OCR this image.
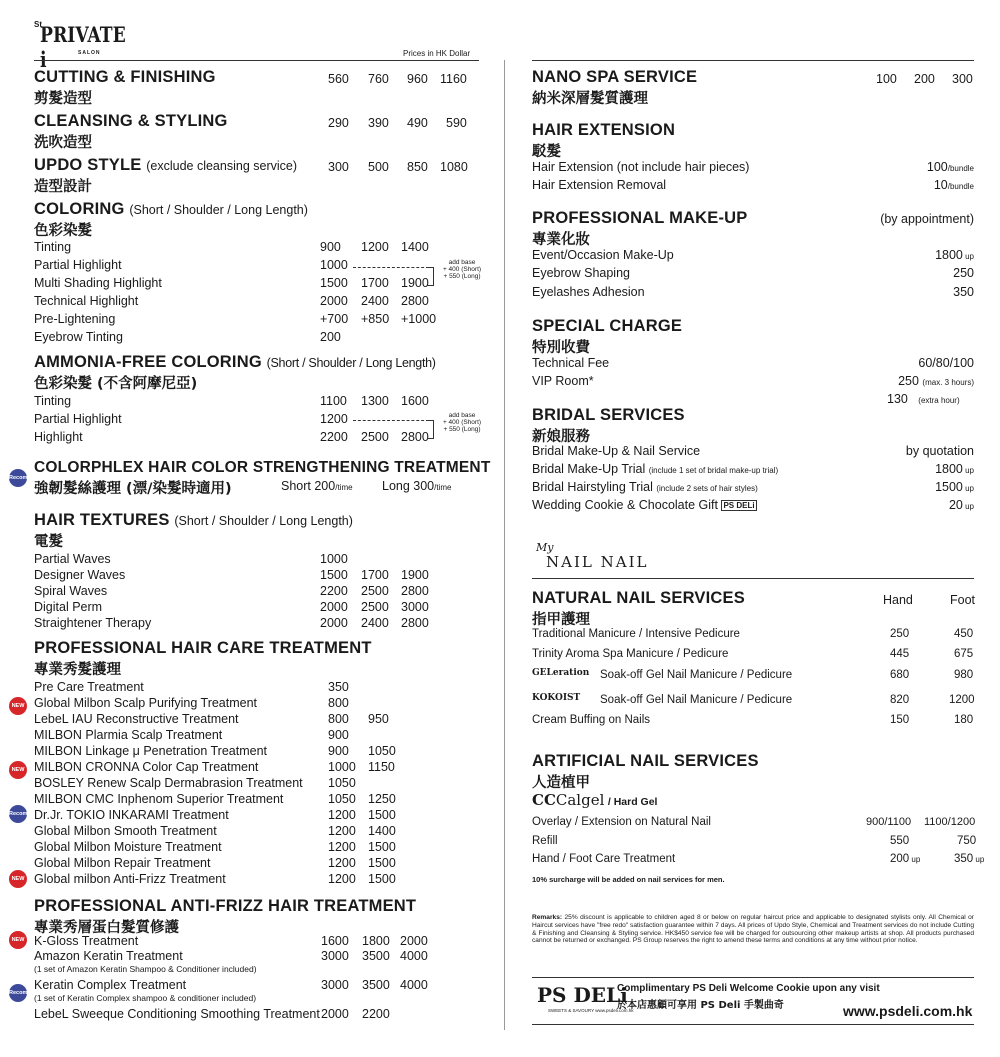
St
PRIVATE i	SALON	Prices in HK Dollar
CUTTING & FINISHING
剪髮造型
560 760 960 1160
CLEANSING & STYLING
洗吹造型
290 390 490 590
UPDO STYLE (exclude cleansing service)
造型設計
300 500 850 1080
COLORING (Short / Shoulder / Long Length)
色彩染髮
Tinting	900 1200 1400
Partial Highlight	1000
Multi Shading Highlight	1500 1700 1900
Technical Highlight	2000 2400 2800
Pre-Lightening	+700 +850 +1000
Eyebrow Tinting	200
add base
+ 400 (Short)
+ 550 (Long)
AMMONIA-FREE COLORING (Short / Shoulder / Long Length)
色彩染髮 (不含阿摩尼亞)
Tinting	1100 1300 1600
Partial Highlight	1200
Highlight	2200 2500 2800
add base
+ 400 (Short)
+ 550 (Long)
Recom.
COLORPHLEX HAIR COLOR STRENGTHENING TREATMENT
強韌髮絲護理 (漂/染髮時適用)	Short 200/time Long 300/time
HAIR TEXTURES (Short / Shoulder / Long Length)
電髮
Partial Waves	1000
Designer Waves	1500 1700 1900
Spiral Waves	2200 2500 2800
Digital Perm	2000 2500 3000
Straightener Therapy	2000 2400 2800
PROFESSIONAL HAIR CARE TREATMENT
專業秀髮護理
Pre Care Treatment	350
Global Milbon Scalp Purifying Treatment	800
LebeL IAU Reconstructive Treatment	800 950
MILBON Plarmia Scalp Treatment	900
MILBON Linkage μ Penetration Treatment	900 1050
MILBON CRONNA Color Cap Treatment	1000 1150
BOSLEY Renew Scalp Dermabrasion Treatment 1050
MILBON CMC Inphenom Superior Treatment	1050 1250
Dr.Jr. TOKIO INKARAMI Treatment	1200 1500
Global Milbon Smooth Treatment	1200 1400
Global Milbon Moisture Treatment	1200 1500
Global Milbon Repair Treatment	1200 1500
Global milbon Anti-Frizz Treatment	1200 1500
NEW IN
NEW IN
Recom.
NEW IN PROFESSIONAL ANTI-FRIZZ HAIR TREATMENT
專業秀層蛋白髮質修護
NEW IN
Recom.
K-Gloss Treatment	1600 1800 2000
Amazon Keratin Treatment	3000 3500 4000
(1 set of Amazon Keratin Shampoo & Conditioner included)
Keratin Complex Treatment	3000 3500 4000
(1 set of Keratin Complex shampoo & conditioner included)
LebeL Sweeque Conditioning Smoothing Treatment 2000 2200
NANO SPA SERVICE
納米深層髮質護理
100 200 300
HAIR EXTENSION
駁髮
Hair Extension (not include hair pieces)	100/bundle
Hair Extension Removal	10/bundle
PROFESSIONAL MAKE-UP	(by appointment)
專業化妝
Event/Occasion Make-Up	1800 up
Eyebrow Shaping	250
Eyelashes Adhesion	350
SPECIAL CHARGE
特別收費
Technical Fee	60/80/100
VIP Room*	250 (max. 3 hours)
130 (extra hour)
BRIDAL SERVICES
新娘服務
Bridal Make-Up & Nail Service	by quotation
Bridal Make-Up Trial (include 1 set of bridal make-up trial)	1800 up
Bridal Hairstyling Trial (include 2 sets of hair styles)	1500 up
Wedding Cookie & Chocolate Gift PS DELi	20 up
My
NAIL NAIL
NATURAL NAIL SERVICES
指甲護理
Hand	Foot
Traditional Manicure / Intensive Pedicure	250	450
Trinity Aroma Spa Manicure / Pedicure	445	675
GELeration Soak-off Gel Nail Manicure / Pedicure	680	980
KOKOIST Soak-off Gel Nail Manicure / Pedicure	820	1200
Cream Buffing on Nails	150	180
ARTIFICIAL NAIL SERVICES
人造植甲
CCCalgel / Hard Gel
Overlay / Extension on Natural Nail	900/1100 1100/1200
Refill	550	750
Hand / Foot Care Treatment	200 up	350 up
10% surcharge will be added on nail services for men.
Remarks: 25% discount is applicable to children aged 8 or below on regular haircut price and applicable to designated stylists only. All Chemical or Haircut services have "free redo" satisfaction guarantee within 7 days. All prices of Updo Style, Chemical and Treatment services do not include Cutting & Finishing and Cleansing & Styling service. HK$450 service fee will be charged for outsourcing other makeup artists at shop. All products purchased cannot be returned or exchanged. PS Group reserves the right to amend these terms and conditions at any time without prior notice.
PS DELi
SWEETS & SAVOURY www.psdeli.com.hk
Complimentary PS Deli Welcome Cookie upon any visit
於本店惠顧可享用 PS Deli 手製曲奇	www.psdeli.com.hk
